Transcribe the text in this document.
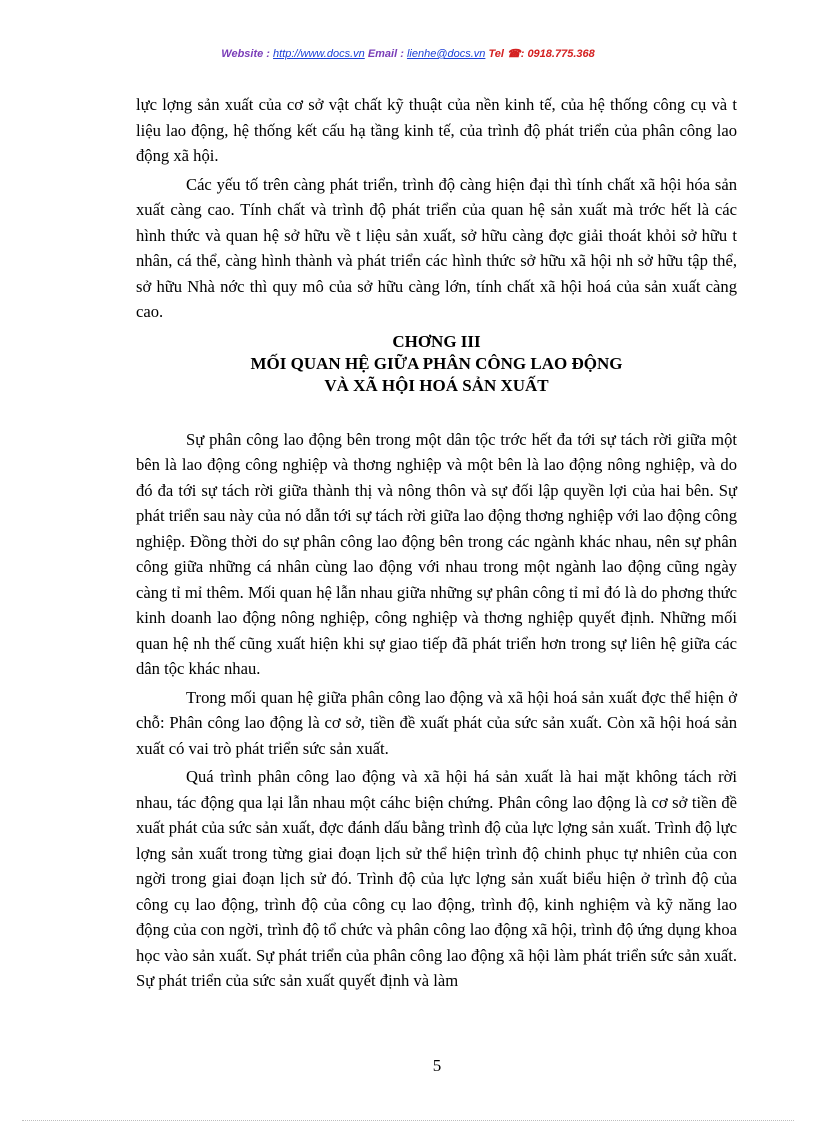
Website : http://www.docs.vn Email : lienhe@docs.vn Tel ☎: 0918.775.368

lực lợng sản xuất của cơ sở vật chất kỹ thuật của nền kinh tế, của hệ thống công cụ và t liệu lao động, hệ thống kết cấu hạ tầng kinh tế, của trình độ phát triển của phân công lao động xã hội.

Các yếu tố trên càng phát triển, trình độ càng hiện đại thì tính chất xã hội hóa sản xuất càng cao. Tính chất và trình độ phát triển của quan hệ sản xuất mà trớc hết là các hình thức và quan hệ sở hữu về t liệu sản xuất, sở hữu càng đợc giải thoát khỏi sở hữu t nhân, cá thể, càng hình thành và phát triển các hình thức sở hữu xã hội nh sở hữu tập thể, sở hữu Nhà nớc thì quy mô của sở hữu càng lớn, tính chất xã hội hoá của sản xuất càng cao.

CHƠNG III
MỐI QUAN HỆ GIỮA PHÂN CÔNG LAO ĐỘNG
VÀ XÃ HỘI HOÁ SẢN XUẤT

Sự phân công lao động bên trong một dân tộc trớc hết đa tới sự tách rời giữa một bên là lao động công nghiệp và thơng nghiệp và một bên là lao động nông nghiệp, và do đó đa tới sự tách rời giữa thành thị và nông thôn và sự đối lập quyền lợi của hai bên. Sự phát triển sau này của nó dẫn tới sự tách rời giữa lao động thơng nghiệp với lao động công nghiệp. Đồng thời do sự phân công lao động bên trong các ngành khác nhau, nên sự phân công giữa những cá nhân cùng lao động với nhau trong một ngành lao động cũng ngày càng tỉ mỉ thêm. Mối quan hệ lẫn nhau giữa những sự phân công tỉ mỉ đó là do phơng thức kinh doanh lao động nông nghiệp, công nghiệp và thơng nghiệp quyết định. Những mối quan hệ nh thế cũng xuất hiện khi sự giao tiếp đã phát triển hơn trong sự liên hệ giữa các dân tộc khác nhau.

Trong mối quan hệ giữa phân công lao động và xã hội hoá sản xuất đợc thể hiện ở chỗ: Phân công lao động là cơ sở, tiền đề xuất phát của sức sản xuất. Còn xã hội hoá sản xuất có vai trò phát triển sức sản xuất.

Quá trình phân công lao động và xã hội há sản xuất là hai mặt không tách rời nhau, tác động qua lại lẫn nhau một cáhc biện chứng. Phân công lao động là cơ sở tiền đề xuất phát của sức sản xuất, đợc đánh dấu bằng trình độ của lực lợng sản xuất. Trình độ lực lợng sản xuất trong từng giai đoạn lịch sử thể hiện trình độ chinh phục tự nhiên của con ngời trong giai đoạn lịch sử đó. Trình độ của lực lợng sản xuất biểu hiện ở trình độ của công cụ lao động, trình độ của công cụ lao động, trình độ, kinh nghiệm và kỹ năng lao động của con ngời, trình độ tổ chức và phân công lao động xã hội, trình độ ứng dụng khoa học vào sản xuất. Sự phát triển của phân công lao động xã hội làm phát triển sức sản xuất. Sự phát triển của sức sản xuất quyết định và làm

5
